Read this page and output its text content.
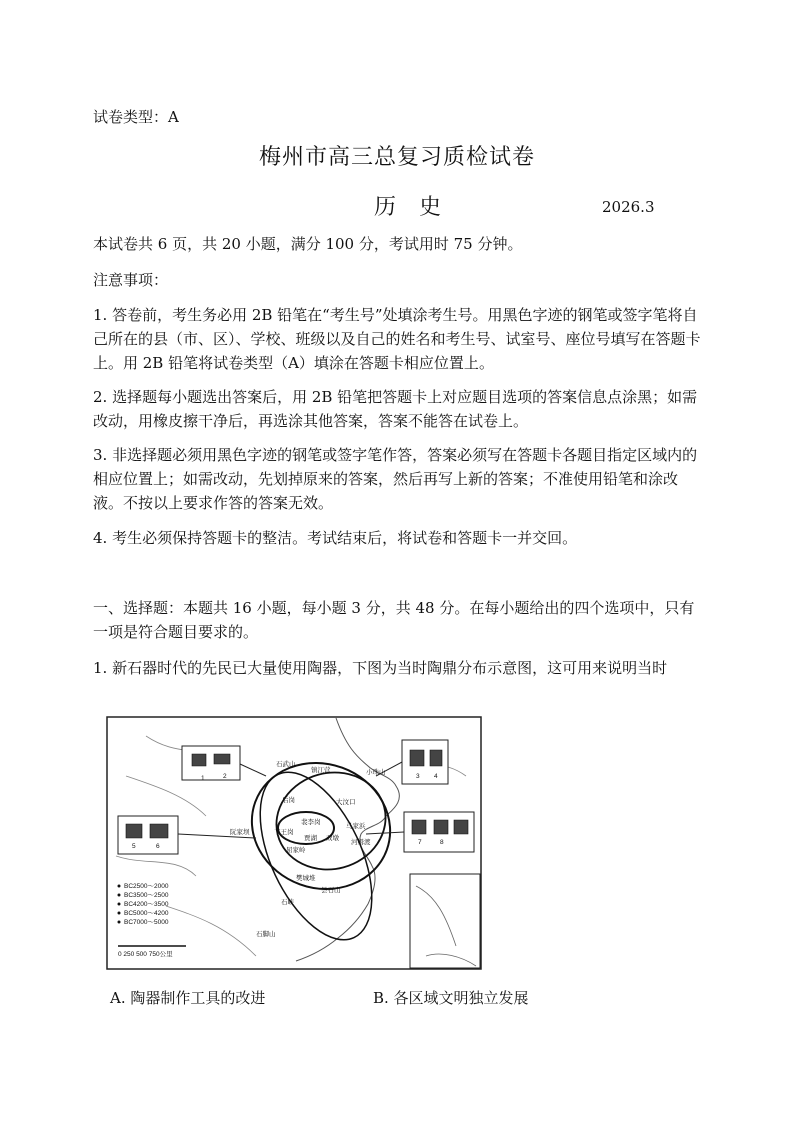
试卷类型：A
梅州市高三总复习质检试卷
历 史	2026.3
本试卷共 6 页，共 20 小题，满分 100 分，考试用时 75 分钟。
注意事项：
1. 答卷前，考生务必用 2B 铅笔在“考生号”处填涂考生号。用黑色字迹的钢笔或签字笔将自己所在的县（市、区）、学校、班级以及自己的姓名和考生号、试室号、座位号填写在答题卡上。用 2B 铅笔将试卷类型（A）填涂在答题卡相应位置上。
2. 选择题每小题选出答案后，用 2B 铅笔把答题卡上对应题目选项的答案信息点涂黑；如需改动，用橡皮擦干净后，再选涂其他答案，答案不能答在试卷上。
3. 非选择题必须用黑色字迹的钢笔或签字笔作答，答案必须写在答题卡各题目指定区域内的相应位置上；如需改动，先划掉原来的答案，然后再写上新的答案；不准使用铅笔和涂改液。不按以上要求作答的答案无效。
4. 考生必须保持答题卡的整洁。考试结束后，将试卷和答题卡一并交回。
一、选择题：本题共 16 小题，每小题 3 分，共 48 分。在每小题给出的四个选项中，只有一项是符合题目要求的。
1. 新石器时代的先民已大量使用陶器，下图为当时陶鼎分布示意图，这可用来说明当时
石武山
镇江营	小珠山
大汶口
裴李岗
后岗
贾湖 双墩
马家浜
河姆渡
下王岗
阮家坝
屈家岭
樊城堆
昙石山
石峡
石脚山
1	2	3 4
5	6
7	8
BC2500～2000
BC3500～2500
BC4200～3500
BC5000～4200
BC7000～5000
0 250 500 750公里
A. 陶器制作工具的改进	B. 各区域文明独立发展
